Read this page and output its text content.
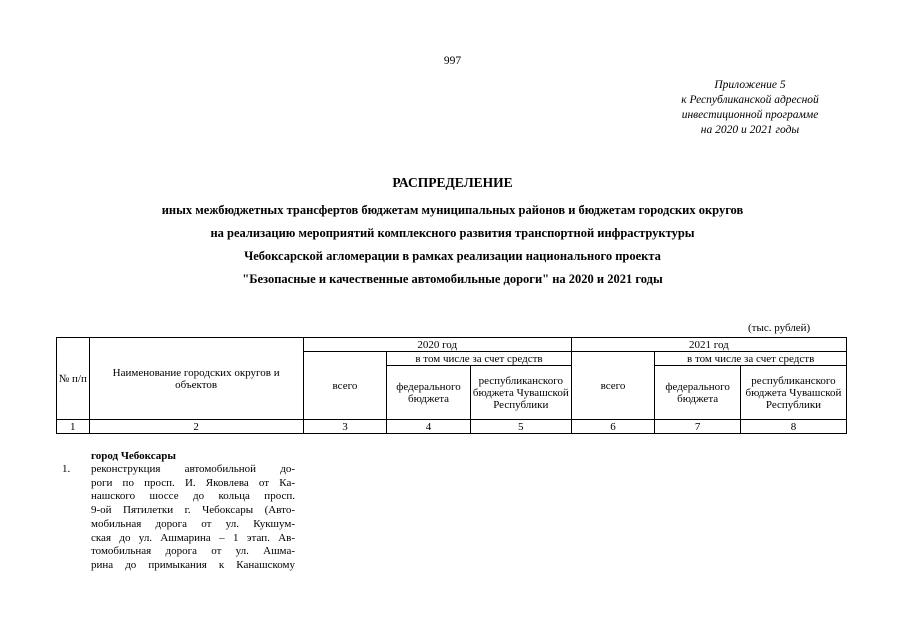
997
Приложение 5
к Республиканской адресной
инвестиционной программе
на 2020 и 2021 годы
РАСПРЕДЕЛЕНИЕ
иных межбюджетных трансфертов бюджетам муниципальных районов и бюджетам городских округов
на реализацию мероприятий комплексного развития транспортной инфраструктуры
Чебоксарской агломерации в рамках реализации национального проекта
"Безопасные и качественные автомобильные дороги" на 2020 и 2021 годы
(тыс. рублей)
№ п/п	Наименование городских округов и объектов	2020 год			2021 год		
		всего	в том числе за счет средств		всего	в том числе за счет средств	
			федерального бюджета	республиканского бюджета Чувашской Республики		федерального бюджета	республиканского бюджета Чувашской Республики
1	2	3	4	5	6	7	8
город Чебоксары
1. реконструкция автомобильной до-
роги по просп. И. Яковлева от Ка-
нашского шоссе до кольца просп.
9-ой Пятилетки г. Чебоксары (Авто-
мобильная дорога от ул. Кукшум-
ская до ул. Ашмарина – 1 этап. Ав-
томобильная дорога от ул. Ашма-
рина до примыкания к Канашскому
